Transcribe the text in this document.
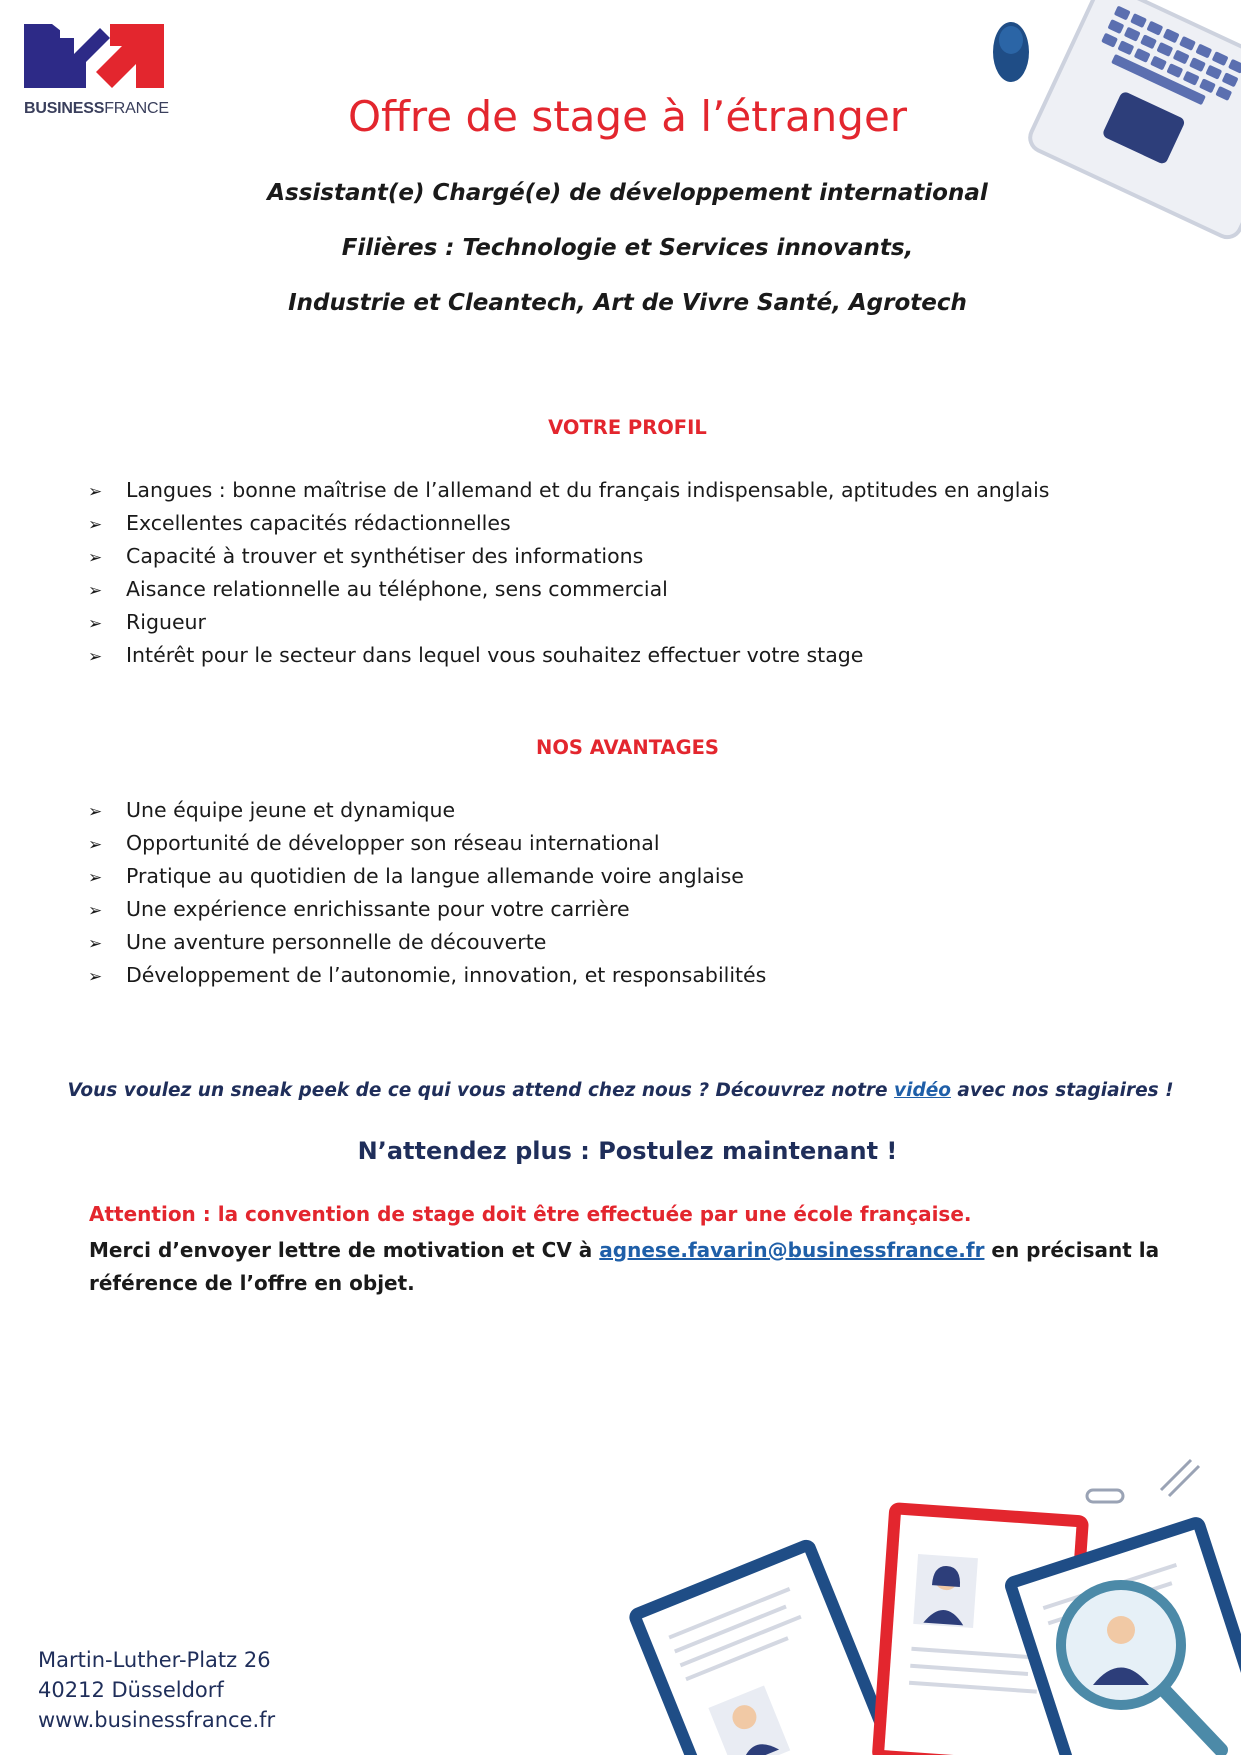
BUSINESSFRANCE	Offre de stage à l’étranger
Assistant(e) Chargé(e) de développement international
Filières : Technologie et Services innovants,
Industrie et Cleantech, Art de Vivre Santé, Agrotech
VOTRE PROFIL
➢ Langues : bonne maîtrise de l’allemand et du français indispensable, aptitudes en anglais
➢ Excellentes capacités rédactionnelles
➢ Capacité à trouver et synthétiser des informations
➢ Aisance relationnelle au téléphone, sens commercial
➢ Rigueur
➢ Intérêt pour le secteur dans lequel vous souhaitez effectuer votre stage
NOS AVANTAGES
➢ Une équipe jeune et dynamique
➢ Opportunité de développer son réseau international
➢ Pratique au quotidien de la langue allemande voire anglaise
➢ Une expérience enrichissante pour votre carrière
➢ Une aventure personnelle de découverte
➢ Développement de l’autonomie, innovation, et responsabilités
Vous voulez un sneak peek de ce qui vous attend chez nous ? Découvrez notre vidéo avec nos stagiaires !
N’attendez plus : Postulez maintenant !
Attention : la convention de stage doit être effectuée par une école française.
Merci d’envoyer lettre de motivation et CV à agnese.favarin@businessfrance.fr en précisant la référence de l’offre en objet.
Martin-Luther-Platz 26
40212 Düsseldorf
www.businessfrance.fr
